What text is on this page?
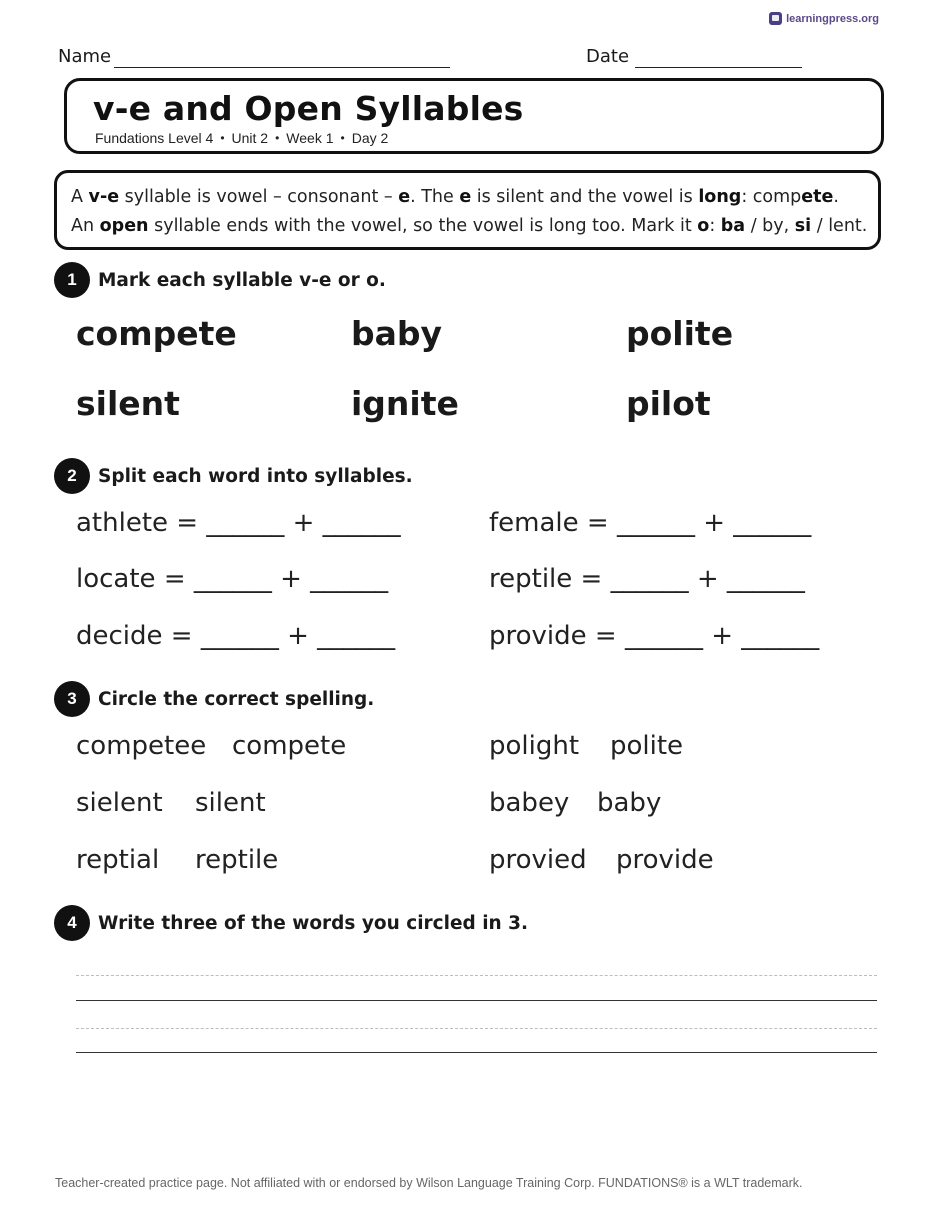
learningpress.org
Name	Date
v-e and Open Syllables
Fundations Level 4 • Unit 2 • Week 1 • Day 2
A v-e syllable is vowel – consonant – e. The e is silent and the vowel is long: compete.
An open syllable ends with the vowel, so the vowel is long too. Mark it o: ba / by, si / lent.
1	Mark each syllable v-e or o.
compete	baby	polite
silent	ignite	pilot
2	Split each word into syllables.
athlete = ______ + ______	female = ______ + ______
locate = ______ + ______	reptile = ______ + ______
decide = ______ + ______	provide = ______ + ______
3	Circle the correct spelling.
competee compete	polight polite
sielent silent	babey baby
reptial reptile	provied provide
4	Write three of the words you circled in 3.
Teacher-created practice page. Not affiliated with or endorsed by Wilson Language Training Corp. FUNDATIONS® is a WLT trademark.
